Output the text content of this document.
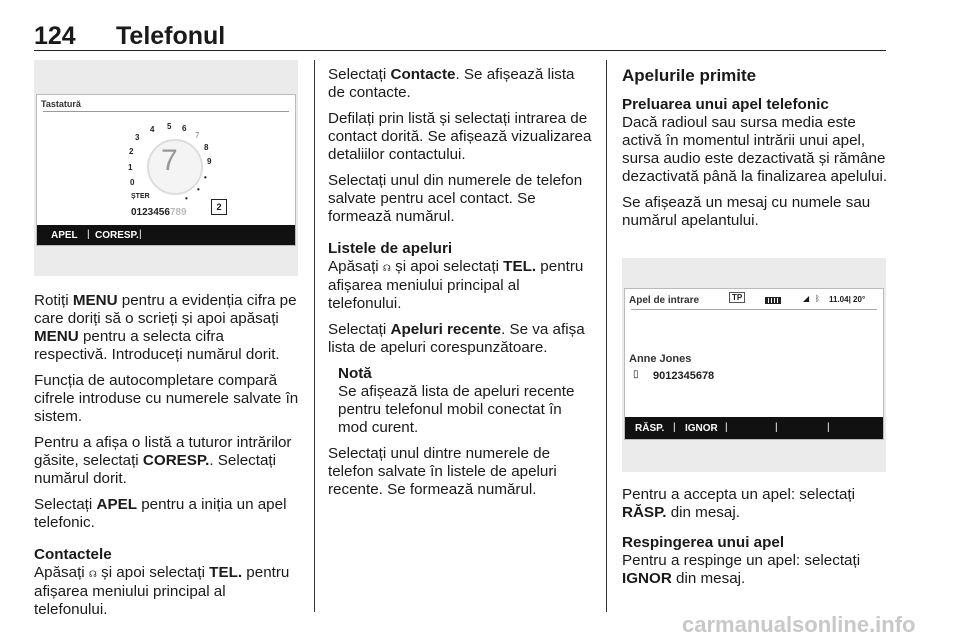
124 Telefonul
Tastatură
7
3
4 5 6
7
8
9
2
1
0
•
•
•
ȘTER
0123456789	2
APEL | CORESP. |

Rotiți MENU pentru a evidenția cifra pe care doriți să o scrieți și apoi apăsați MENU pentru a selecta cifra respectivă. Introduceți numărul dorit.

Funcția de autocompletare compară cifrele introduse cu numerele salvate în sistem.

Pentru a afișa o listă a tuturor intrărilor găsite, selectați CORESP.. Selectați numărul dorit.

Selectați APEL pentru a iniția un apel telefonic.

Contactele

Apăsați ☊ și apoi selectați TEL. pentru afișarea meniului principal al telefonului.

Selectați Contacte. Se afișează lista de contacte.

Defilați prin listă și selectați intrarea de contact dorită. Se afișează vizualizarea detaliilor contactului.

Selectați unul din numerele de telefon salvate pentru acel contact. Se formează numărul.

Listele de apeluri

Apăsați ☊ și apoi selectați TEL. pentru afișarea meniului principal al telefonului.

Selectați Apeluri recente. Se va afișa lista de apeluri corespunzătoare.

Notă

Se afișează lista de apeluri recente pentru telefonul mobil conectat în mod curent.

Selectați unul dintre numerele de telefon salvate în listele de apeluri recente. Se formează numărul.

Apelurile primite
Preluarea unui apel telefonic

Dacă radioul sau sursa media este activă în momentul intrării unui apel, sursa audio este dezactivată și rămâne dezactivată până la finalizarea apelului.

Se afișează un mesaj cu numele sau numărul apelantului.

Apel de intrare	TP	◢ ᛒ 11.04| 20°
Anne Jones
▯ 9012345678
RĂSP. | IGNOR |	|	|

Pentru a accepta un apel: selectați RĂSP. din mesaj.

Respingerea unui apel

Pentru a respinge un apel: selectați IGNOR din mesaj.

carmanualsonline.info
